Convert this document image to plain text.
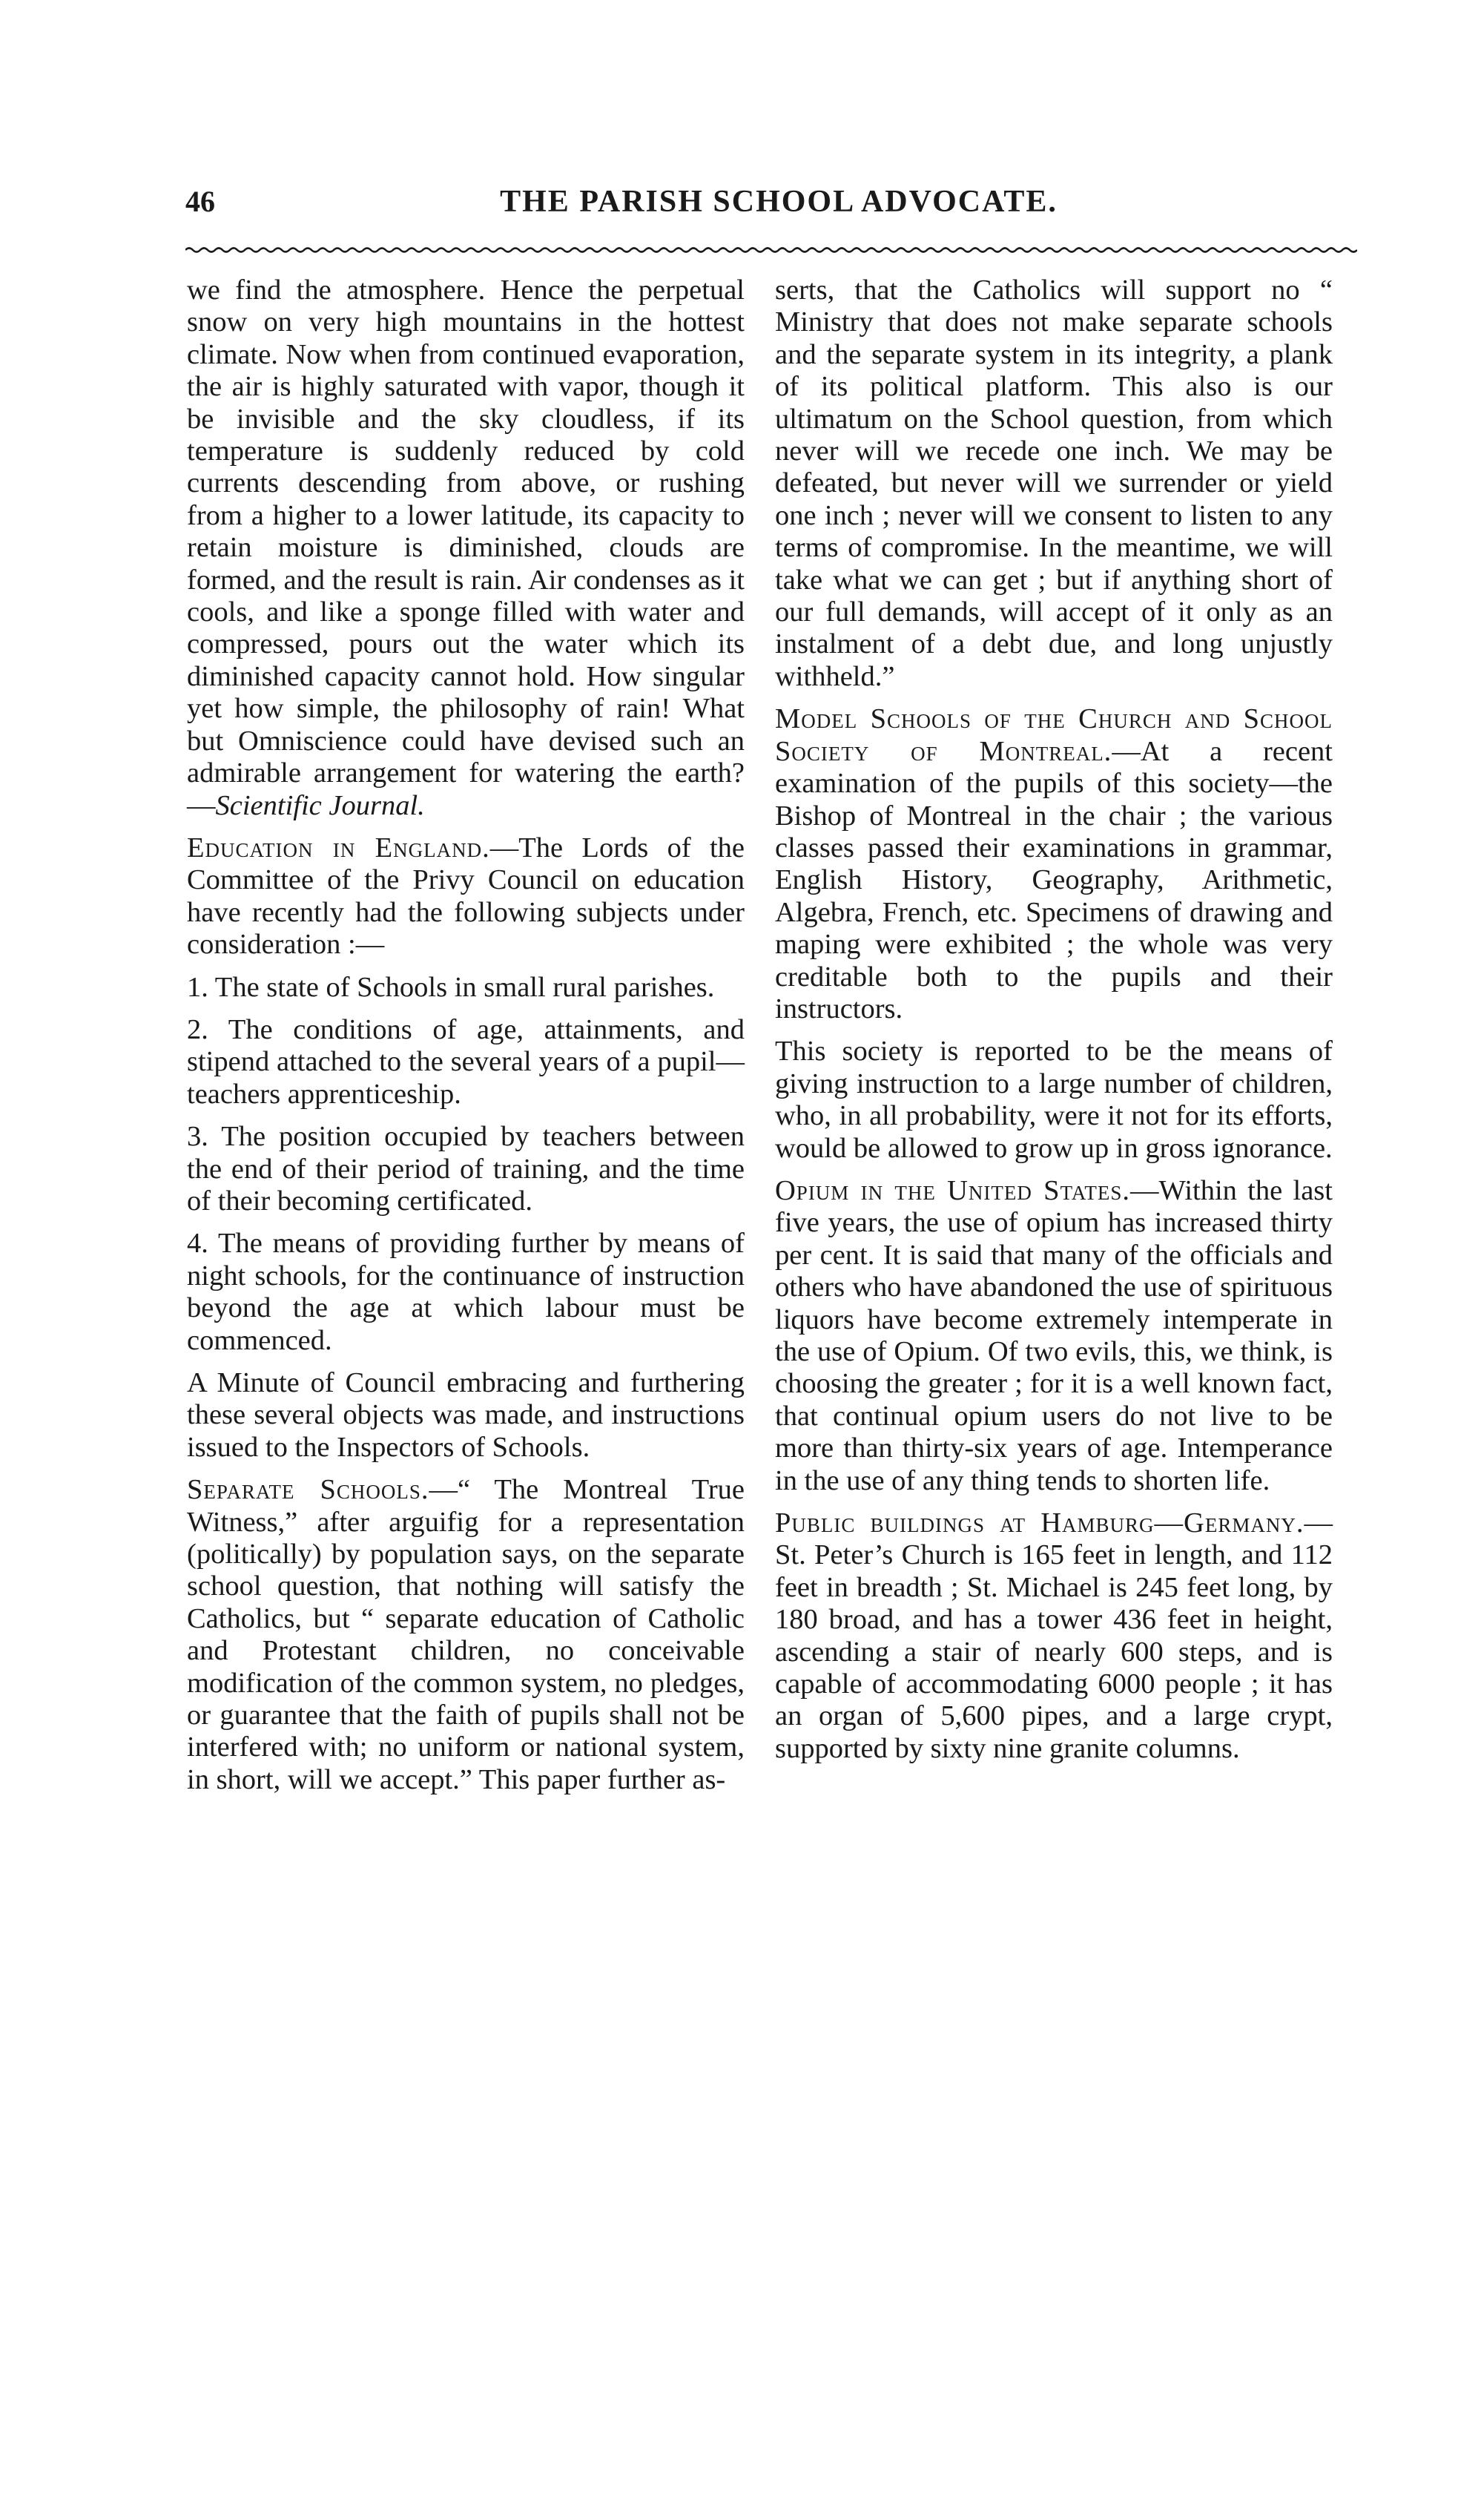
46	THE PARISH SCHOOL ADVOCATE.

we find the atmosphere. Hence the perpetual snow on very high mountains in the hottest climate. Now when from continued evaporation, the air is highly saturated with vapor, though it be invisible and the sky cloudless, if its temperature is suddenly reduced by cold currents descending from above, or rushing from a higher to a lower latitude, its capacity to retain moisture is diminished, clouds are formed, and the result is rain. Air condenses as it cools, and like a sponge filled with water and compressed, pours out the water which its diminished capacity cannot hold. How singular yet how simple, the philosophy of rain! What but Omniscience could have devised such an admirable arrangement for watering the earth?—Scientific Journal.

Education in England.—The Lords of the Committee of the Privy Council on education have recently had the following subjects under consideration :—

1. The state of Schools in small rural parishes.

2. The conditions of age, attainments, and stipend attached to the several years of a pupil—teachers apprenticeship.

3. The position occupied by teachers between the end of their period of training, and the time of their becoming certificated.

4. The means of providing further by means of night schools, for the continuance of instruction beyond the age at which labour must be commenced.

A Minute of Council embracing and furthering these several objects was made, and instructions issued to the Inspectors of Schools.

Separate Schools.—“ The Montreal True Witness,” after arguifig for a representation (politically) by population says, on the separate school question, that nothing will satisfy the Catholics, but “ separate education of Catholic and Protestant children, no conceivable modification of the common system, no pledges, or guarantee that the faith of pupils shall not be interfered with; no uniform or national system, in short, will we accept.” This paper further as-

serts, that the Catholics will support no “ Ministry that does not make separate schools and the separate system in its integrity, a plank of its political platform. This also is our ultimatum on the School question, from which never will we recede one inch. We may be defeated, but never will we surrender or yield one inch ; never will we consent to listen to any terms of compromise. In the meantime, we will take what we can get ; but if anything short of our full demands, will accept of it only as an instalment of a debt due, and long unjustly withheld.”

Model Schools of the Church and School Society of Montreal.—At a recent examination of the pupils of this society—the Bishop of Montreal in the chair ; the various classes passed their examinations in grammar, English History, Geography, Arithmetic, Algebra, French, etc. Specimens of drawing and maping were exhibited ; the whole was very creditable both to the pupils and their instructors.

This society is reported to be the means of giving instruction to a large number of children, who, in all probability, were it not for its efforts, would be allowed to grow up in gross ignorance.

Opium in the United States.—Within the last five years, the use of opium has increased thirty per cent. It is said that many of the officials and others who have abandoned the use of spirituous liquors have become extremely intemperate in the use of Opium. Of two evils, this, we think, is choosing the greater ; for it is a well known fact, that continual opium users do not live to be more than thirty-six years of age. Intemperance in the use of any thing tends to shorten life.

Public buildings at Hamburg—Germany.—St. Peter’s Church is 165 feet in length, and 112 feet in breadth ; St. Michael is 245 feet long, by 180 broad, and has a tower 436 feet in height, ascending a stair of nearly 600 steps, and is capable of accommodating 6000 people ; it has an organ of 5,600 pipes, and a large crypt, supported by sixty nine granite columns.
